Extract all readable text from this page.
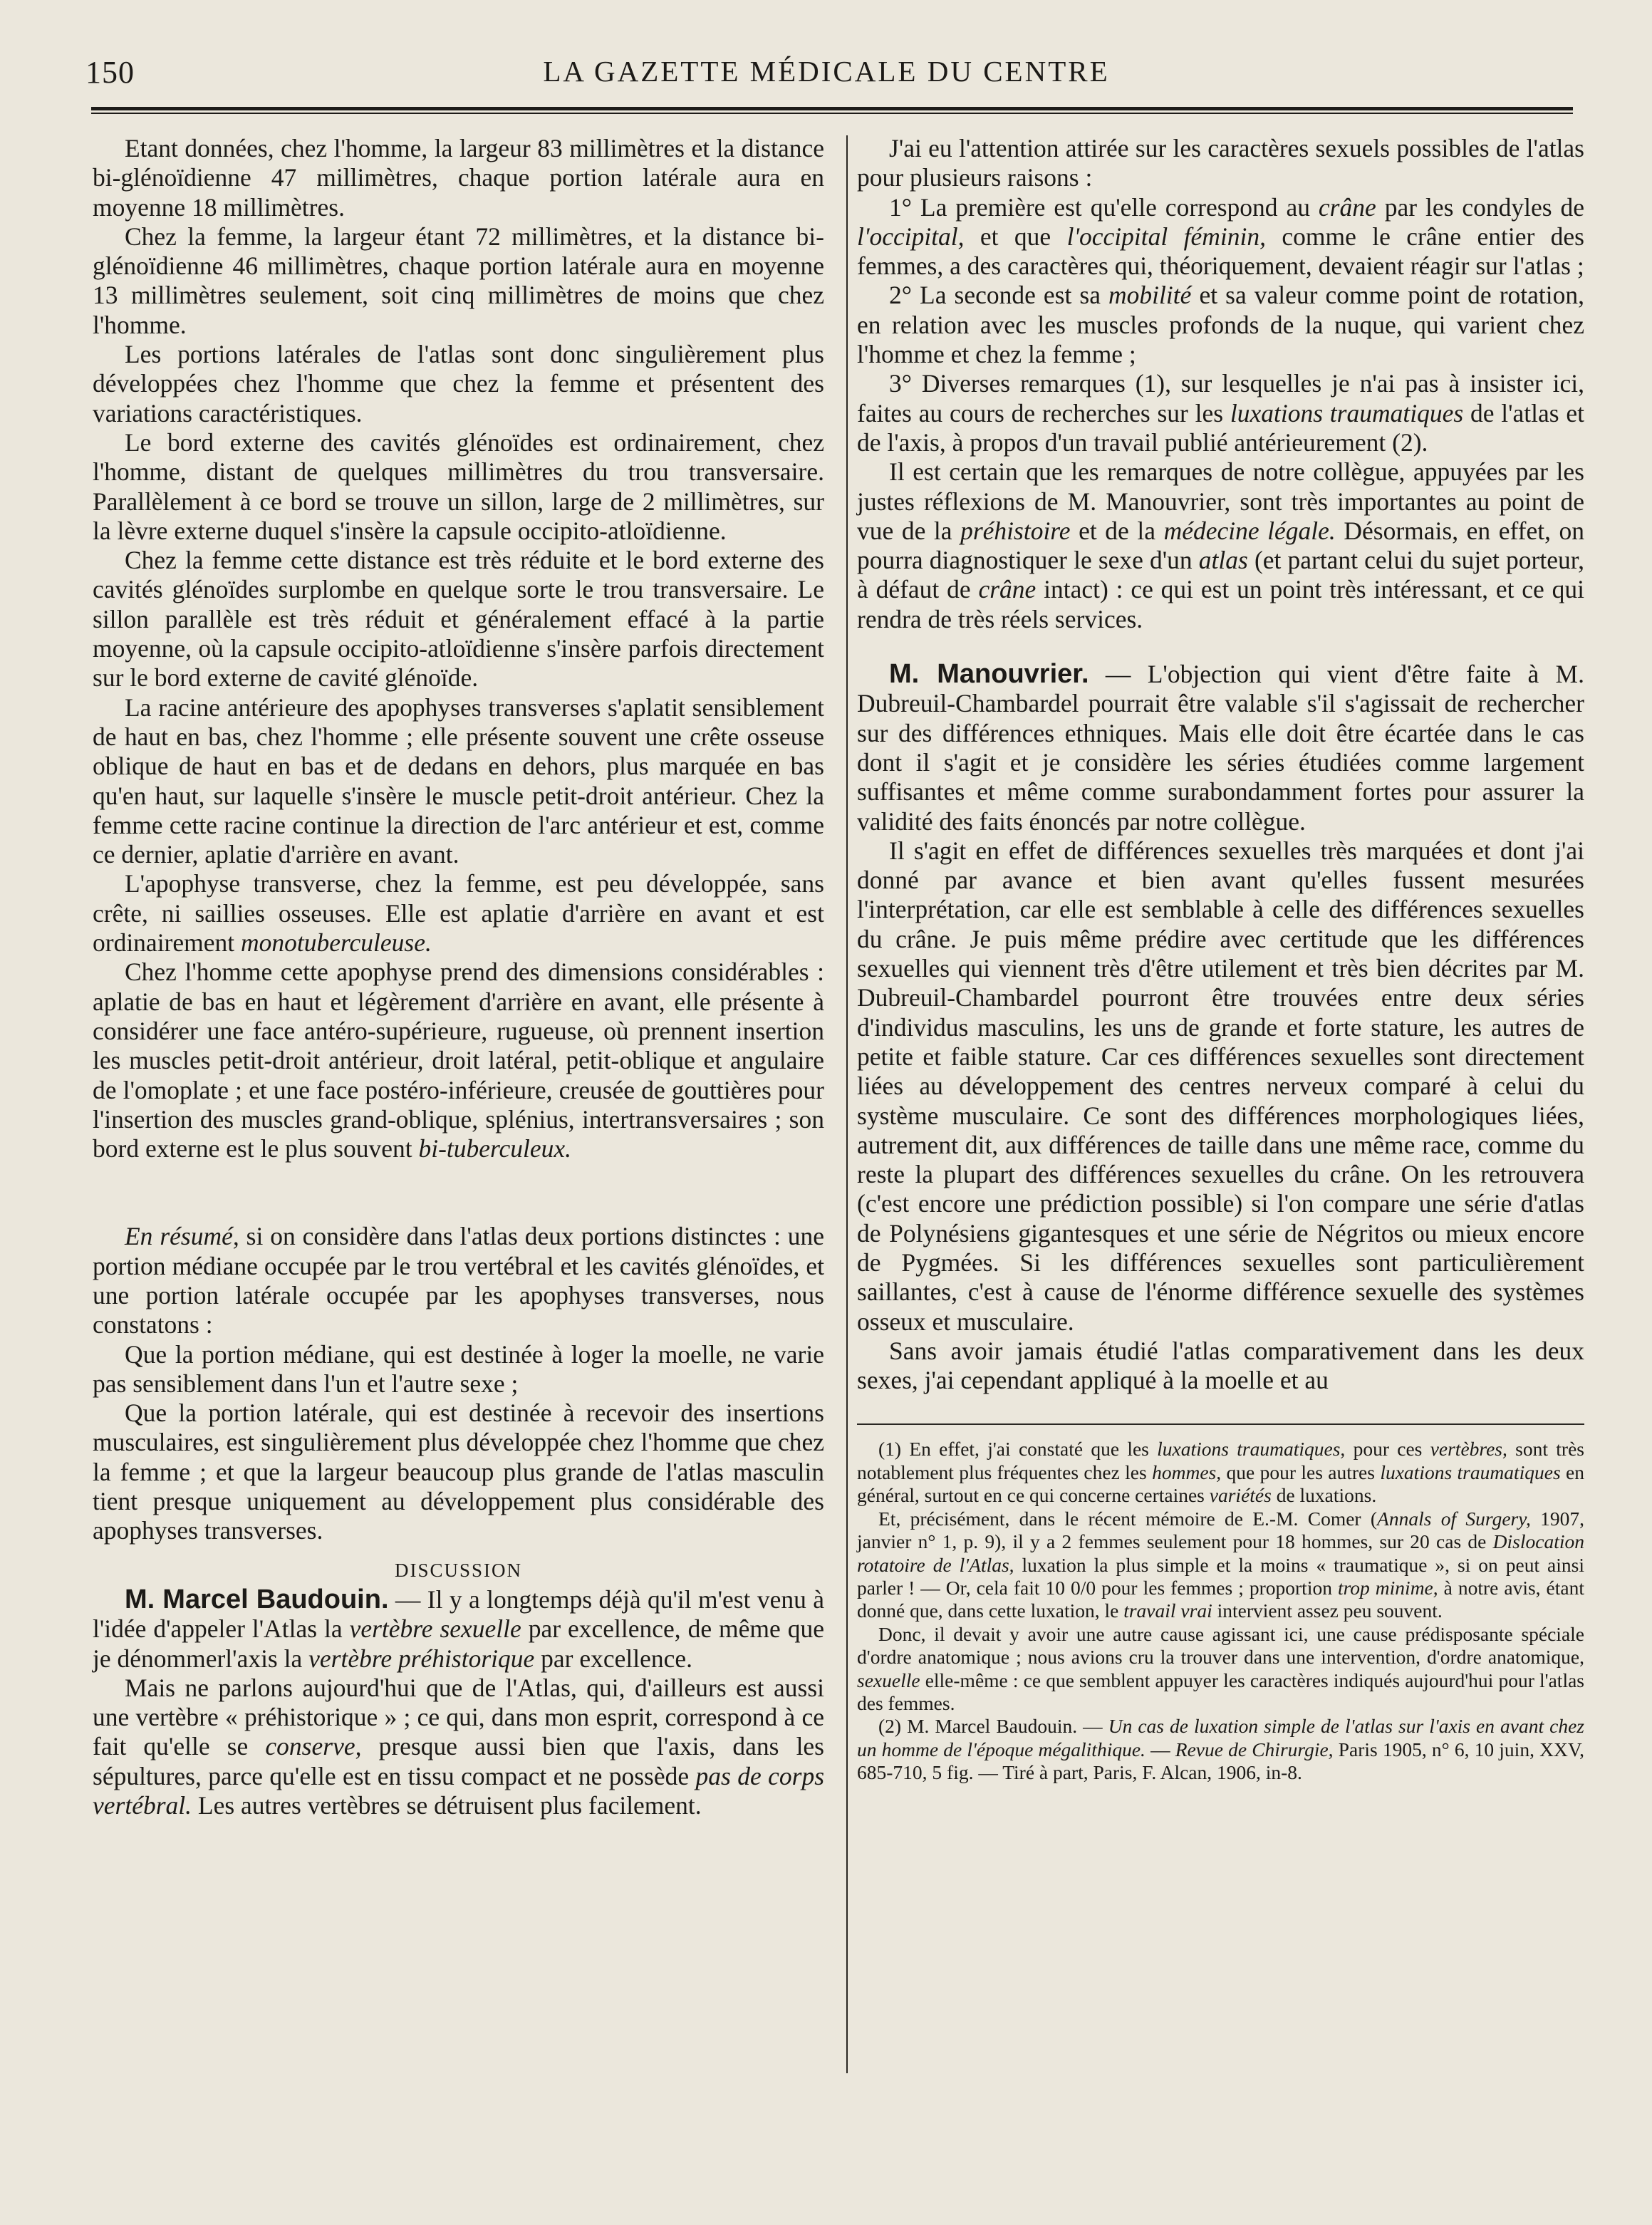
150	LA GAZETTE MÉDICALE DU CENTRE

Etant données, chez l'homme, la largeur 83 millimètres et la distance bi-glénoïdienne 47 millimètres, chaque portion latérale aura en moyenne 18 millimètres.

Chez la femme, la largeur étant 72 millimètres, et la distance bi-glénoïdienne 46 millimètres, chaque portion latérale aura en moyenne 13 millimètres seulement, soit cinq millimètres de moins que chez l'homme.

Les portions latérales de l'atlas sont donc singulièrement plus développées chez l'homme que chez la femme et présentent des variations caractéristiques.

Le bord externe des cavités glénoïdes est ordinairement, chez l'homme, distant de quelques millimètres du trou transversaire. Parallèlement à ce bord se trouve un sillon, large de 2 millimètres, sur la lèvre externe duquel s'insère la capsule occipito-atloïdienne.

Chez la femme cette distance est très réduite et le bord externe des cavités glénoïdes surplombe en quelque sorte le trou transversaire. Le sillon parallèle est très réduit et généralement effacé à la partie moyenne, où la capsule occipito-atloïdienne s'insère parfois directement sur le bord externe de cavité glénoïde.

La racine antérieure des apophyses transverses s'aplatit sensiblement de haut en bas, chez l'homme ; elle présente souvent une crête osseuse oblique de haut en bas et de dedans en dehors, plus marquée en bas qu'en haut, sur laquelle s'insère le muscle petit-droit antérieur. Chez la femme cette racine continue la direction de l'arc antérieur et est, comme ce dernier, aplatie d'arrière en avant.

L'apophyse transverse, chez la femme, est peu développée, sans crête, ni saillies osseuses. Elle est aplatie d'arrière en avant et est ordinairement monotuberculeuse.

Chez l'homme cette apophyse prend des dimensions considérables : aplatie de bas en haut et légèrement d'arrière en avant, elle présente à considérer une face antéro-supérieure, rugueuse, où prennent insertion les muscles petit-droit antérieur, droit latéral, petit-oblique et angulaire de l'omoplate ; et une face postéro-inférieure, creusée de gouttières pour l'insertion des muscles grand-oblique, splénius, intertransversaires ; son bord externe est le plus souvent bi-tuberculeux.

En résumé, si on considère dans l'atlas deux portions distinctes : une portion médiane occupée par le trou vertébral et les cavités glénoïdes, et une portion latérale occupée par les apophyses transverses, nous constatons :

Que la portion médiane, qui est destinée à loger la moelle, ne varie pas sensiblement dans l'un et l'autre sexe ;

Que la portion latérale, qui est destinée à recevoir des insertions musculaires, est singulièrement plus développée chez l'homme que chez la femme ; et que la largeur beaucoup plus grande de l'atlas masculin tient presque uniquement au développement plus considérable des apophyses transverses.

DISCUSSION

M. Marcel Baudouin. — Il y a longtemps déjà qu'il m'est venu à l'idée d'appeler l'Atlas la vertèbre sexuelle par excellence, de même que je dénommerl'axis la vertèbre préhistorique par excellence.

Mais ne parlons aujourd'hui que de l'Atlas, qui, d'ailleurs est aussi une vertèbre « préhistorique » ; ce qui, dans mon esprit, correspond à ce fait qu'elle se conserve, presque aussi bien que l'axis, dans les sépultures, parce qu'elle est en tissu compact et ne possède pas de corps vertébral. Les autres vertèbres se détruisent plus facilement.

J'ai eu l'attention attirée sur les caractères sexuels possibles de l'atlas pour plusieurs raisons :

1° La première est qu'elle correspond au crâne par les condyles de l'occipital, et que l'occipital féminin, comme le crâne entier des femmes, a des caractères qui, théoriquement, devaient réagir sur l'atlas ;

2° La seconde est sa mobilité et sa valeur comme point de rotation, en relation avec les muscles profonds de la nuque, qui varient chez l'homme et chez la femme ;

3° Diverses remarques (1), sur lesquelles je n'ai pas à insister ici, faites au cours de recherches sur les luxations traumatiques de l'atlas et de l'axis, à propos d'un travail publié antérieurement (2).

Il est certain que les remarques de notre collègue, appuyées par les justes réflexions de M. Manouvrier, sont très importantes au point de vue de la préhistoire et de la médecine légale. Désormais, en effet, on pourra diagnostiquer le sexe d'un atlas (et partant celui du sujet porteur, à défaut de crâne intact) : ce qui est un point très intéressant, et ce qui rendra de très réels services.

M. Manouvrier. — L'objection qui vient d'être faite à M. Dubreuil-Chambardel pourrait être valable s'il s'agissait de rechercher sur des différences ethniques. Mais elle doit être écartée dans le cas dont il s'agit et je considère les séries étudiées comme largement suffisantes et même comme surabondamment fortes pour assurer la validité des faits énoncés par notre collègue.

Il s'agit en effet de différences sexuelles très marquées et dont j'ai donné par avance et bien avant qu'elles fussent mesurées l'interprétation, car elle est semblable à celle des différences sexuelles du crâne. Je puis même prédire avec certitude que les différences sexuelles qui viennent très d'être utilement et très bien décrites par M. Dubreuil-Chambardel pourront être trouvées entre deux séries d'individus masculins, les uns de grande et forte stature, les autres de petite et faible stature. Car ces différences sexuelles sont directement liées au développement des centres nerveux comparé à celui du système musculaire. Ce sont des différences morphologiques liées, autrement dit, aux différences de taille dans une même race, comme du reste la plupart des différences sexuelles du crâne. On les retrouvera (c'est encore une prédiction possible) si l'on compare une série d'atlas de Polynésiens gigantesques et une série de Négritos ou mieux encore de Pygmées. Si les différences sexuelles sont particulièrement saillantes, c'est à cause de l'énorme différence sexuelle des systèmes osseux et musculaire.

Sans avoir jamais étudié l'atlas comparativement dans les deux sexes, j'ai cependant appliqué à la moelle et au

(1) En effet, j'ai constaté que les luxations traumatiques, pour ces vertèbres, sont très notablement plus fréquentes chez les hommes, que pour les autres luxations traumatiques en général, surtout en ce qui concerne certaines variétés de luxations.

Et, précisément, dans le récent mémoire de E.-M. Comer (Annals of Surgery, 1907, janvier n° 1, p. 9), il y a 2 femmes seulement pour 18 hommes, sur 20 cas de Dislocation rotatoire de l'Atlas, luxation la plus simple et la moins « traumatique », si on peut ainsi parler ! — Or, cela fait 10 0/0 pour les femmes ; proportion trop minime, à notre avis, étant donné que, dans cette luxation, le travail vrai intervient assez peu souvent.

Donc, il devait y avoir une autre cause agissant ici, une cause prédisposante spéciale d'ordre anatomique ; nous avions cru la trouver dans une intervention, d'ordre anatomique, sexuelle elle-même : ce que semblent appuyer les caractères indiqués aujourd'hui pour l'atlas des femmes.

(2) M. Marcel Baudouin. — Un cas de luxation simple de l'atlas sur l'axis en avant chez un homme de l'époque mégalithique. — Revue de Chirurgie, Paris 1905, n° 6, 10 juin, XXV, 685-710, 5 fig. — Tiré à part, Paris, F. Alcan, 1906, in-8.
